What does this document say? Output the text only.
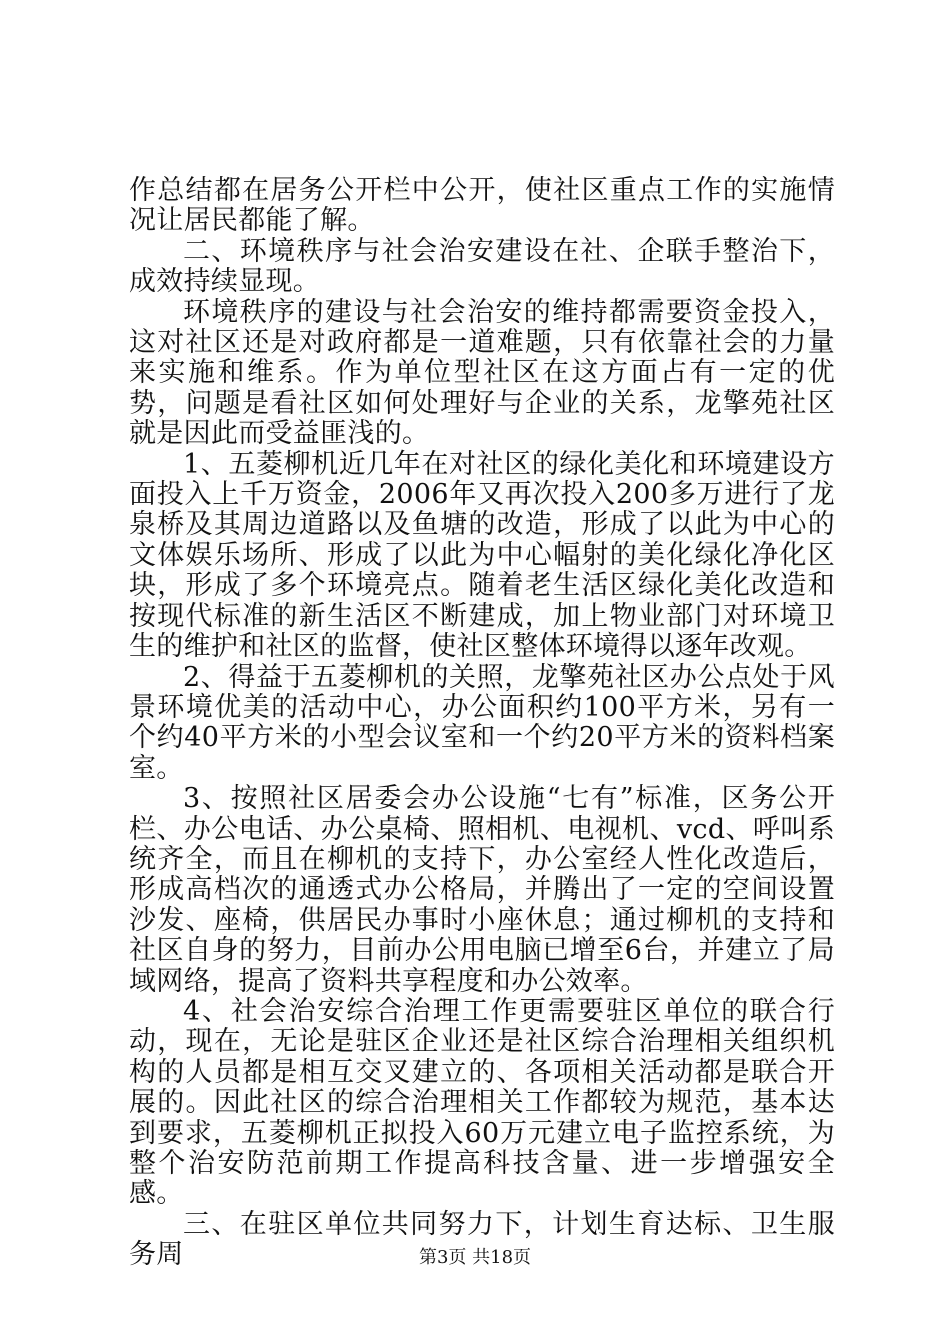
作总结都在居务公开栏中公开，使社区重点工作的实施情况让居民都能了解。

二、环境秩序与社会治安建设在社、企联手整治下，成效持续显现。

环境秩序的建设与社会治安的维持都需要资金投入，这对社区还是对政府都是一道难题，只有依靠社会的力量来实施和维系。作为单位型社区在这方面占有一定的优势，问题是看社区如何处理好与企业的关系，龙擎苑社区就是因此而受益匪浅的。

1、五菱柳机近几年在对社区的绿化美化和环境建设方面投入上千万资金，2006年又再次投入200多万进行了龙泉桥及其周边道路以及鱼塘的改造，形成了以此为中心的文体娱乐场所、形成了以此为中心幅射的美化绿化净化区块，形成了多个环境亮点。随着老生活区绿化美化改造和按现代标准的新生活区不断建成，加上物业部门对环境卫生的维护和社区的监督，使社区整体环境得以逐年改观。

2、得益于五菱柳机的关照，龙擎苑社区办公点处于风景环境优美的活动中心，办公面积约100平方米，另有一个约40平方米的小型会议室和一个约20平方米的资料档案室。

3、按照社区居委会办公设施“七有”标准，区务公开栏、办公电话、办公桌椅、照相机、电视机、vcd、呼叫系统齐全，而且在柳机的支持下，办公室经人性化改造后，形成高档次的通透式办公格局，并腾出了一定的空间设置沙发、座椅，供居民办事时小座休息；通过柳机的支持和社区自身的努力，目前办公用电脑已增至6台，并建立了局域网络，提高了资料共享程度和办公效率。

4、社会治安综合治理工作更需要驻区单位的联合行动，现在，无论是驻区企业还是社区综合治理相关组织机构的人员都是相互交叉建立的、各项相关活动都是联合开展的。因此社区的综合治理相关工作都较为规范，基本达到要求，五菱柳机正拟投入60万元建立电子监控系统，为整个治安防范前期工作提高科技含量、进一步增强安全感。

三、在驻区单位共同努力下，计划生育达标、卫生服务周	第3页 共18页
